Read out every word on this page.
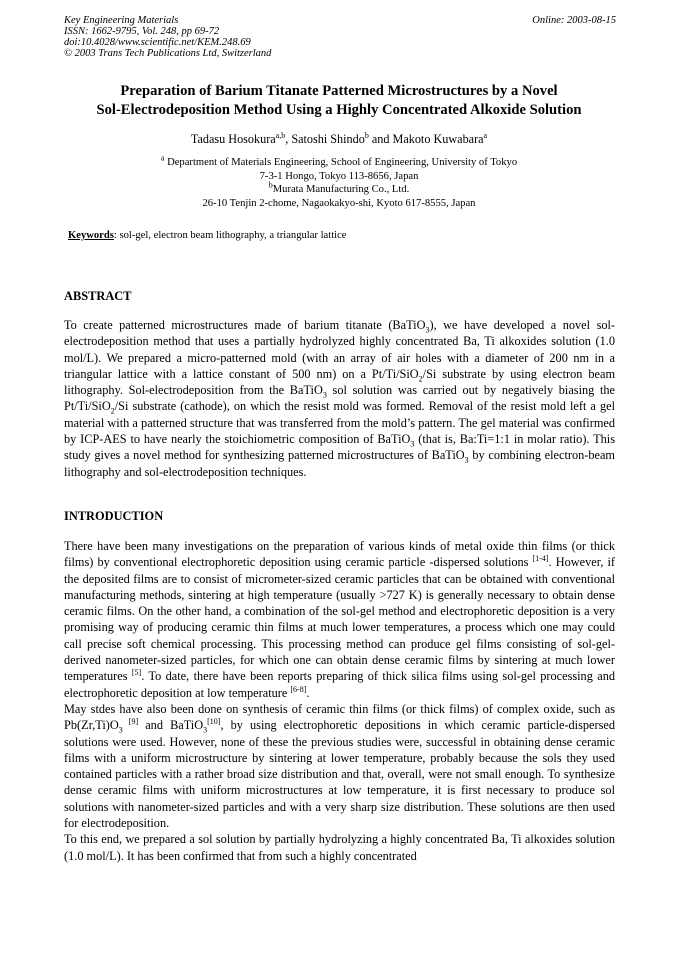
Key Engineering Materials
ISSN: 1662-9795, Vol. 248, pp 69-72
doi:10.4028/www.scientific.net/KEM.248.69
© 2003 Trans Tech Publications Ltd, Switzerland
Online: 2003-08-15
Preparation of Barium Titanate Patterned Microstructures by a Novel
Sol-Electrodeposition Method Using a Highly Concentrated Alkoxide Solution
Tadasu Hosokura$^{a,b}$, Satoshi Shindo$^b$ and Makoto Kuwabara$^a$
$^a$ Department of Materials Engineering, School of Engineering, University of Tokyo
7-3-1 Hongo, Tokyo 113-8656, Japan
$^b$Murata Manufacturing Co., Ltd.
26-10 Tenjin 2-chome, Nagaokakyo-shi, Kyoto 617-8555, Japan
Keywords: sol-gel, electron beam lithography, a triangular lattice
ABSTRACT

To create patterned microstructures made of barium titanate (BaTiO$_3$), we have developed a novel sol-electrodeposition method that uses a partially hydrolyzed highly concentrated Ba, Ti alkoxides solution (1.0 mol/L). We prepared a micro-patterned mold (with an array of air holes with a diameter of 200 nm in a triangular lattice with a lattice constant of 500 nm) on a Pt/Ti/SiO$_2$/Si substrate by using electron beam lithography. Sol-electrodeposition from the BaTiO$_3$ sol solution was carried out by negatively biasing the Pt/Ti/SiO$_2$/Si substrate (cathode), on which the resist mold was formed. Removal of the resist mold left a gel material with a patterned structure that was transferred from the mold’s pattern. The gel material was confirmed by ICP-AES to have nearly the stoichiometric composition of BaTiO$_3$ (that is, Ba:Ti=1:1 in molar ratio). This study gives a novel method for synthesizing patterned microstructures of BaTiO$_3$ by combining electron-beam lithography and sol-electrodeposition techniques.

INTRODUCTION

There have been many investigations on the preparation of various kinds of metal oxide thin films (or thick films) by conventional electrophoretic deposition using ceramic particle -dispersed solutions [1-4]. However, if the deposited films are to consist of micrometer-sized ceramic particles that can be obtained with conventional manufacturing methods, sintering at high temperature (usually >727 K) is generally necessary to obtain dense ceramic films. On the other hand, a combination of the sol-gel method and electrophoretic deposition is a very promising way of producing ceramic thin films at much lower temperatures, a process which one may could call precise soft chemical processing. This processing method can produce gel films consisting of sol-gel-derived nanometer-sized particles, for which one can obtain dense ceramic films by sintering at much lower temperatures [5]. To date, there have been reports preparing of thick silica films using sol-gel processing and electrophoretic deposition at low temperature [6-8].

May stdes have also been done on synthesis of ceramic thin films (or thick films) of complex oxide, such as $Pb(Zr,Ti)O_3$ [9] and BaTiO$_3$[10], by using electrophoretic depositions in which ceramic particle-dispersed solutions were used. However, none of these the previous studies were, successful in obtaining dense ceramic films with a uniform microstructure by sintering at lower temperature, probably because the sols they used contained particles with a rather broad size distribution and that, overall, were not small enough. To synthesize dense ceramic films with uniform microstructures at low temperature, it is first necessary to produce sol solutions with nanometer-sized particles and with a very sharp size distribution. These solutions are then used for electrodeposition.

To this end, we prepared a sol solution by partially hydrolyzing a highly concentrated Ba, Ti alkoxides solution (1.0 mol/L). It has been confirmed that from such a highly concentrated
